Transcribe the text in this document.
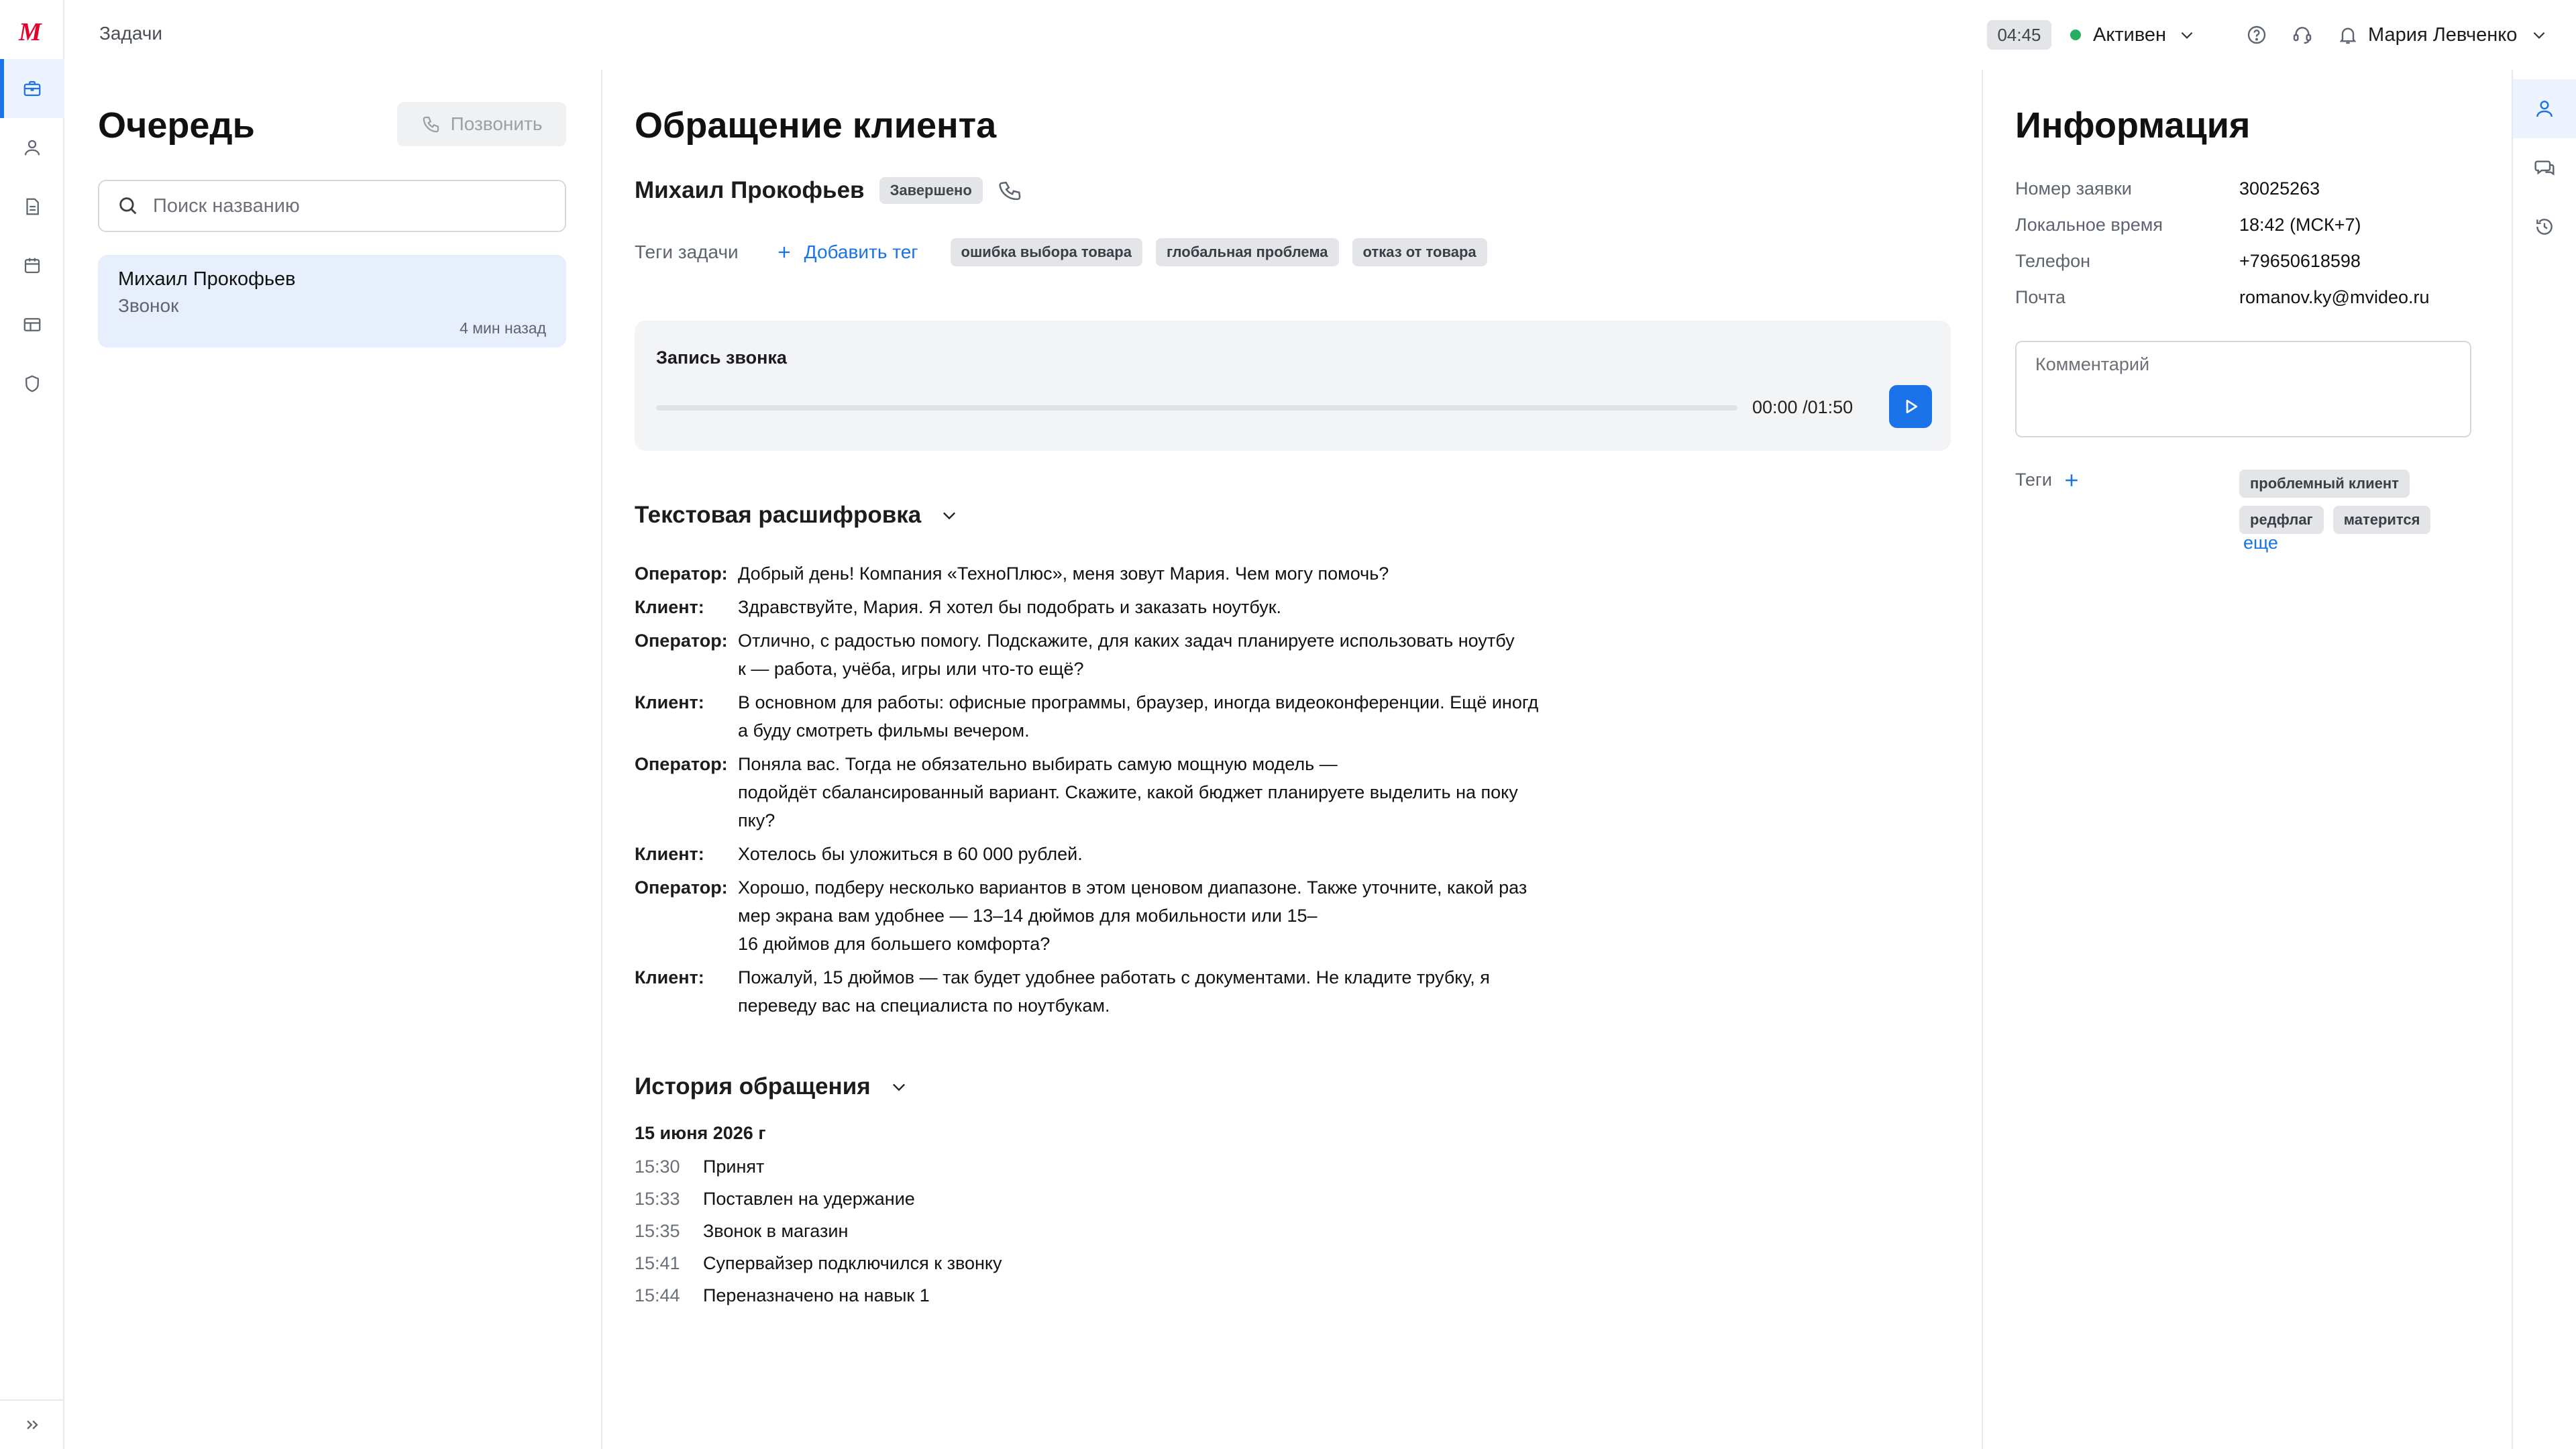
М	Задачи	04:45	Активен	Мария Левченко
Очередь	Позвонить
Поиск названию
Михаил Прокофьев
Звонок
4 мин назад
Обращение клиента
Михаил Прокофьев	Завершено
Теги задачи	Добавить тег	ошибка выбора товара	глобальная проблема	отказ от товара
Запись звонка
00:00 /01:50
Текстовая расшифровка
Оператор: Добрый день! Компания «ТехноПлюс», меня зовут Мария. Чем могу помочь?
Клиент:	Здравствуйте, Мария. Я хотел бы подобрать и заказать ноутбук.
Оператор: Отлично, с радостью помогу. Подскажите, для каких задач планируете использовать ноутбу
к — работа, учёба, игры или что-то ещё?
Клиент:	В основном для работы: офисные программы, браузер, иногда видеоконференции. Ещё иногд
а буду смотреть фильмы вечером.
Оператор: Поняла вас. Тогда не обязательно выбирать самую мощную модель —
подойдёт сбалансированный вариант. Скажите, какой бюджет планируете выделить на поку
пку?
Клиент:	Хотелось бы уложиться в 60 000 рублей.
Оператор: Хорошо, подберу несколько вариантов в этом ценовом диапазоне. Также уточните, какой раз
мер экрана вам удобнее — 13–14 дюймов для мобильности или 15–
16 дюймов для большего комфорта?
Клиент:	Пожалуй, 15 дюймов — так будет удобнее работать с документами. Не кладите трубку, я
переведу вас на специалиста по ноутбукам.
История обращения
15 июня 2026 г
15:30	Принят
15:33	Поставлен на удержание
15:35	Звонок в магазин
15:41	Супервайзер подключился к звонку
15:44	Переназначено на навык 1
Информация
Номер заявки	30025263
Локальное время	18:42 (МСК+7)
Телефон	+79650618598
Почта	romanov.ky@mvideo.ru
Комментарий
Теги	проблемный клиент
редфлаг	матерится
еще
